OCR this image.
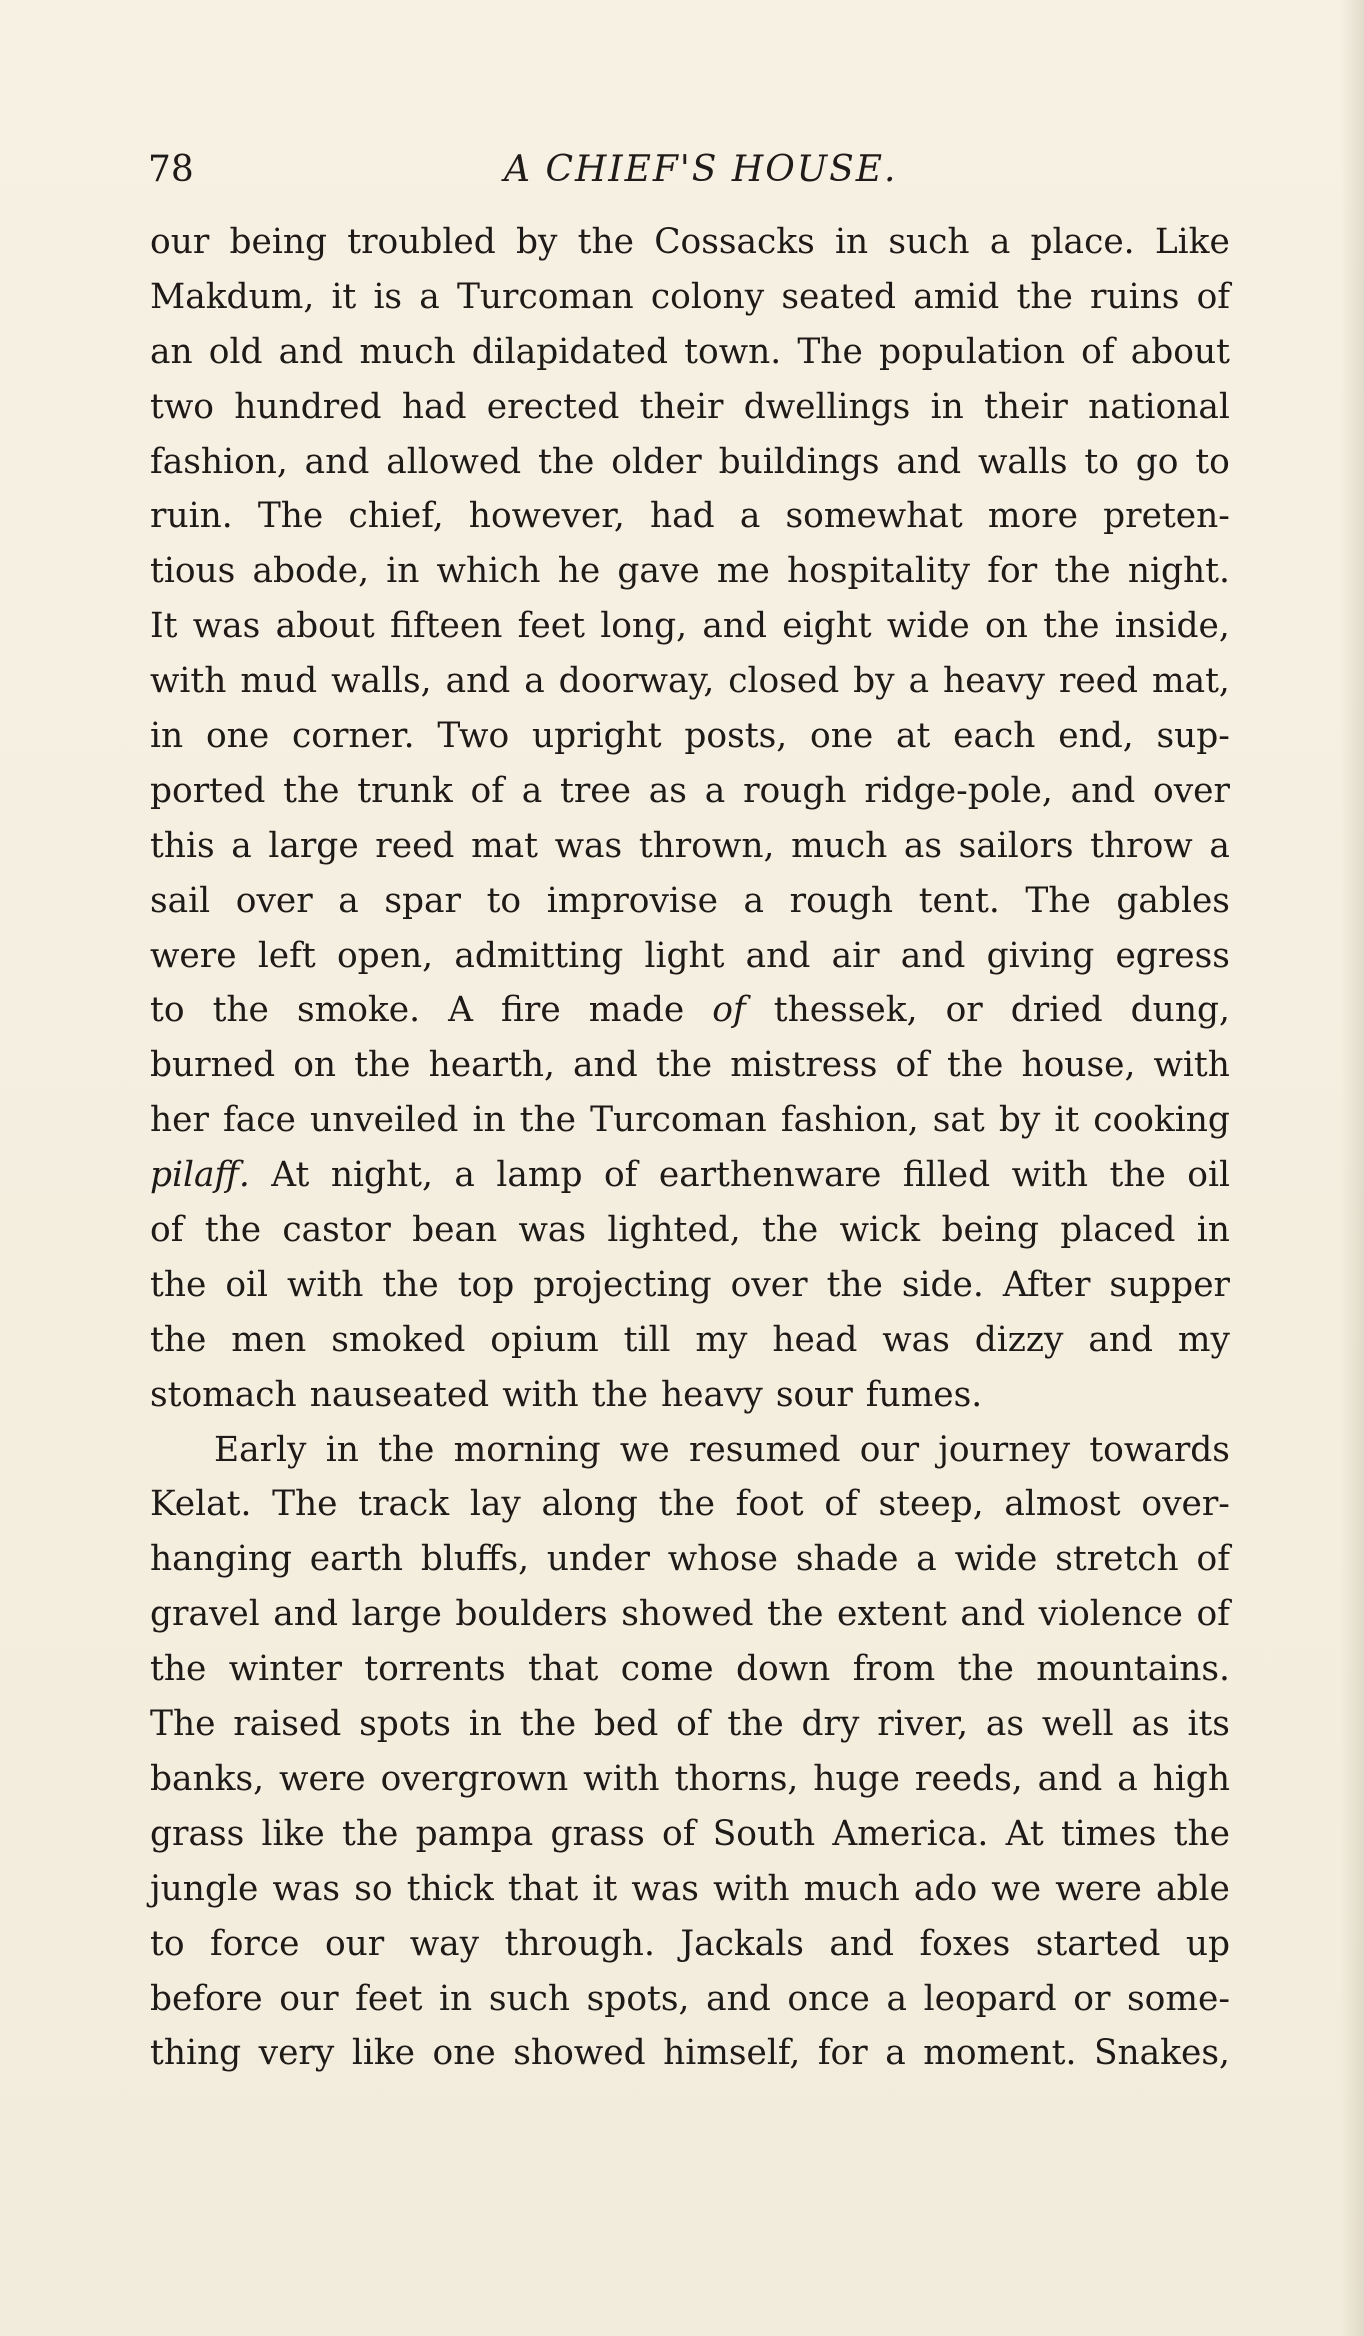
78	A CHIEF'S HOUSE.
our being troubled by the Cossacks in such a place. Like
Makdum, it is a Turcoman colony seated amid the ruins of
an old and much dilapidated town. The population of about
two hundred had erected their dwellings in their national
fashion, and allowed the older buildings and walls to go to
ruin. The chief, however, had a somewhat more preten-
tious abode, in which he gave me hospitality for the night.
It was about fifteen feet long, and eight wide on the inside,
with mud walls, and a doorway, closed by a heavy reed mat,
in one corner. Two upright posts, one at each end, sup-
ported the trunk of a tree as a rough ridge-pole, and over
this a large reed mat was thrown, much as sailors throw a
sail over a spar to improvise a rough tent. The gables
were left open, admitting light and air and giving egress
to the smoke. A fire made of thessek, or dried dung,
burned on the hearth, and the mistress of the house, with
her face unveiled in the Turcoman fashion, sat by it cooking
pilaff. At night, a lamp of earthenware filled with the oil
of the castor bean was lighted, the wick being placed in
the oil with the top projecting over the side. After supper
the men smoked opium till my head was dizzy and my
stomach nauseated with the heavy sour fumes.
Early in the morning we resumed our journey towards
Kelat. The track lay along the foot of steep, almost over-
hanging earth bluffs, under whose shade a wide stretch of
gravel and large boulders showed the extent and violence of
the winter torrents that come down from the mountains.
The raised spots in the bed of the dry river, as well as its
banks, were overgrown with thorns, huge reeds, and a high
grass like the pampa grass of South America. At times the
jungle was so thick that it was with much ado we were able
to force our way through. Jackals and foxes started up
before our feet in such spots, and once a leopard or some-
thing very like one showed himself, for a moment. Snakes,
